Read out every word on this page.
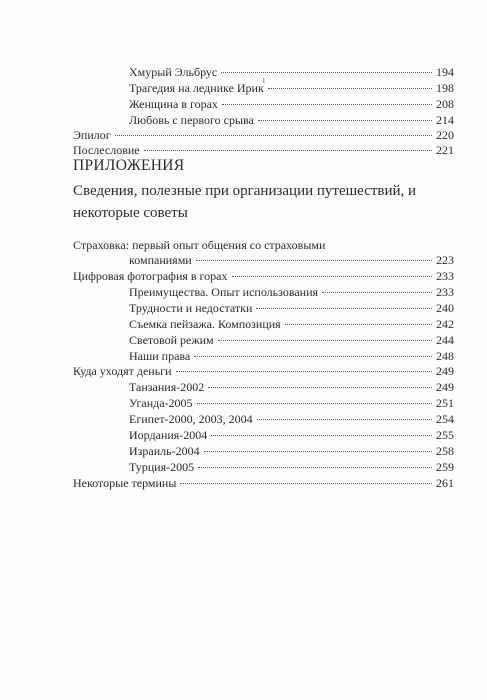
Хмурый Эльбрус	194
Трагедия на леднике Ирик	198
1
Женщина в горах	208
Любовь с первого срыва	214
Эпилог	220
Послесловие	221
ПРИЛОЖЕНИЯ
Сведения, полезные при организации путешествий, и некоторые советы
Страховка: первый опыт общения со страховыми
компаниями	223
Цифровая фотография в горах	233
Преимущества. Опыт использования	233
Трудности и недостатки	240
Съемка пейзажа. Композиция	242
Световой режим	244
Наши права	248
Куда уходят деньги	249
Танзания-2002	249
Уганда-2005	251
Египет-2000, 2003, 2004	254
Иордания-2004	255
Израиль-2004	258
Турция-2005	259
Некоторые термины	261
